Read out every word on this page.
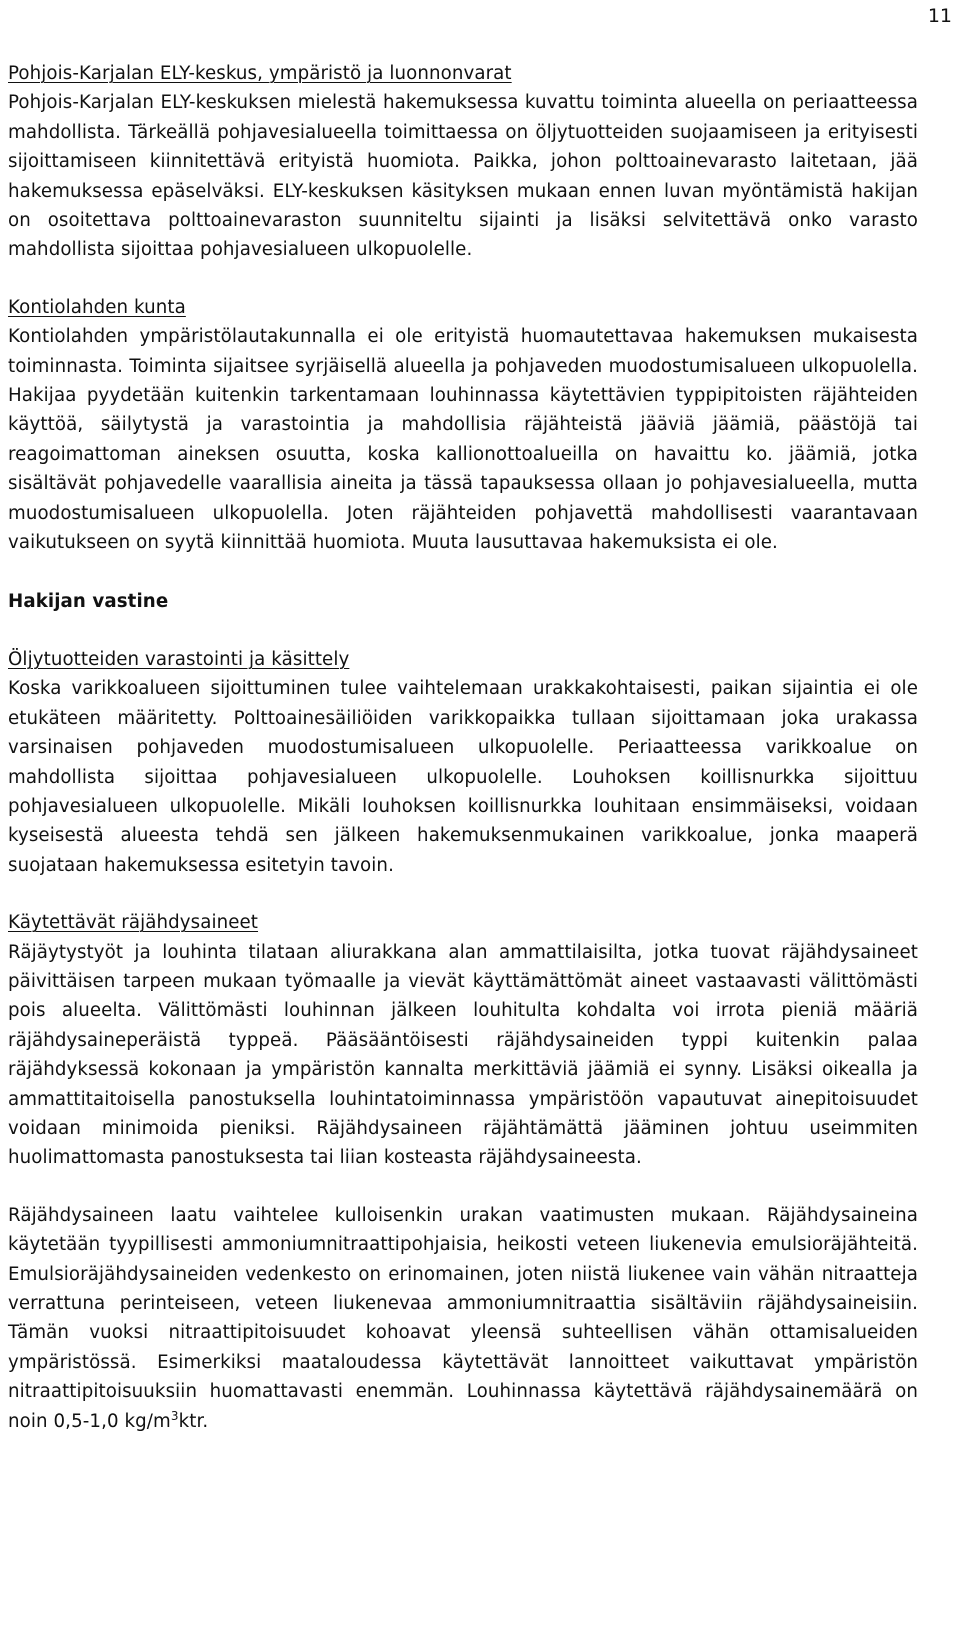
11
Pohjois-Karjalan ELY-keskus, ympäristö ja luonnonvarat

Pohjois-Karjalan ELY-keskuksen mielestä hakemuksessa kuvattu toiminta alueella on periaatteessa mahdollista. Tärkeällä pohjavesialueella toimittaessa on öljytuotteiden suojaamiseen ja erityisesti sijoittamiseen kiinnitettävä erityistä huomiota. Paikka, johon polttoainevarasto laitetaan, jää hakemuksessa epäselväksi. ELY-keskuksen käsityksen mukaan ennen luvan myöntämistä hakijan on osoitettava polttoainevaraston suunniteltu sijainti ja lisäksi selvitettävä onko varasto mahdollista sijoittaa pohjavesialueen ulkopuolelle.

Kontiolahden kunta

Kontiolahden ympäristölautakunnalla ei ole erityistä huomautettavaa hakemuksen mukaisesta toiminnasta. Toiminta sijaitsee syrjäisellä alueella ja pohjaveden muodostumisalueen ulkopuolella. Hakijaa pyydetään kuitenkin tarkentamaan louhinnassa käytettävien typpipitoisten räjähteiden käyttöä, säilytystä ja varastointia ja mahdollisia räjähteistä jääviä jäämiä, päästöjä tai reagoimattoman aineksen osuutta, koska kallionottoalueilla on havaittu ko. jäämiä, jotka sisältävät pohjavedelle vaarallisia aineita ja tässä tapauksessa ollaan jo pohjavesialueella, mutta muodostumisalueen ulkopuolella. Joten räjähteiden pohjavettä mahdollisesti vaarantavaan vaikutukseen on syytä kiinnittää huomiota. Muuta lausuttavaa hakemuksista ei ole.

Hakijan vastine
Öljytuotteiden varastointi ja käsittely

Koska varikkoalueen sijoittuminen tulee vaihtelemaan urakkakohtaisesti, paikan sijaintia ei ole etukäteen määritetty. Polttoainesäiliöiden varikkopaikka tullaan sijoittamaan joka urakassa varsinaisen pohjaveden muodostumisalueen ulkopuolelle. Periaatteessa varikkoalue on mahdollista sijoittaa pohjavesialueen ulkopuolelle. Louhoksen koillisnurkka sijoittuu pohjavesialueen ulkopuolelle. Mikäli louhoksen koillisnurkka louhitaan ensimmäiseksi, voidaan kyseisestä alueesta tehdä sen jälkeen hakemuksenmukainen varikkoalue, jonka maaperä suojataan hakemuksessa esitetyin tavoin.

Käytettävät räjähdysaineet

Räjäytystyöt ja louhinta tilataan aliurakkana alan ammattilaisilta, jotka tuovat räjähdysaineet päivittäisen tarpeen mukaan työmaalle ja vievät käyttämättömät aineet vastaavasti välittömästi pois alueelta. Välittömästi louhinnan jälkeen louhitulta kohdalta voi irrota pieniä määriä räjähdysaineperäistä typpeä. Pääsääntöisesti räjähdysaineiden typpi kuitenkin palaa räjähdyksessä kokonaan ja ympäristön kannalta merkittäviä jäämiä ei synny. Lisäksi oikealla ja ammattitaitoisella panostuksella louhintatoiminnassa ympäristöön vapautuvat ainepitoisuudet voidaan minimoida pieniksi. Räjähdysaineen räjähtämättä jääminen johtuu useimmiten huolimattomasta panostuksesta tai liian kosteasta räjähdysaineesta.

Räjähdysaineen laatu vaihtelee kulloisenkin urakan vaatimusten mukaan. Räjähdysaineina käytetään tyypillisesti ammoniumnitraattipohjaisia, heikosti veteen liukenevia emulsioräjähteitä. Emulsioräjähdysaineiden vedenkesto on erinomainen, joten niistä liukenee vain vähän nitraatteja verrattuna perinteiseen, veteen liukenevaa ammoniumnitraattia sisältäviin räjähdysaineisiin. Tämän vuoksi nitraattipitoisuudet kohoavat yleensä suhteellisen vähän ottamisalueiden ympäristössä. Esimerkiksi maataloudessa käytettävät lannoitteet vaikuttavat ympäristön nitraattipitoisuuksiin huomattavasti enemmän. Louhinnassa käytettävä räjähdysainemäärä on noin 0,5-1,0 $kg/m^3ktr$.
